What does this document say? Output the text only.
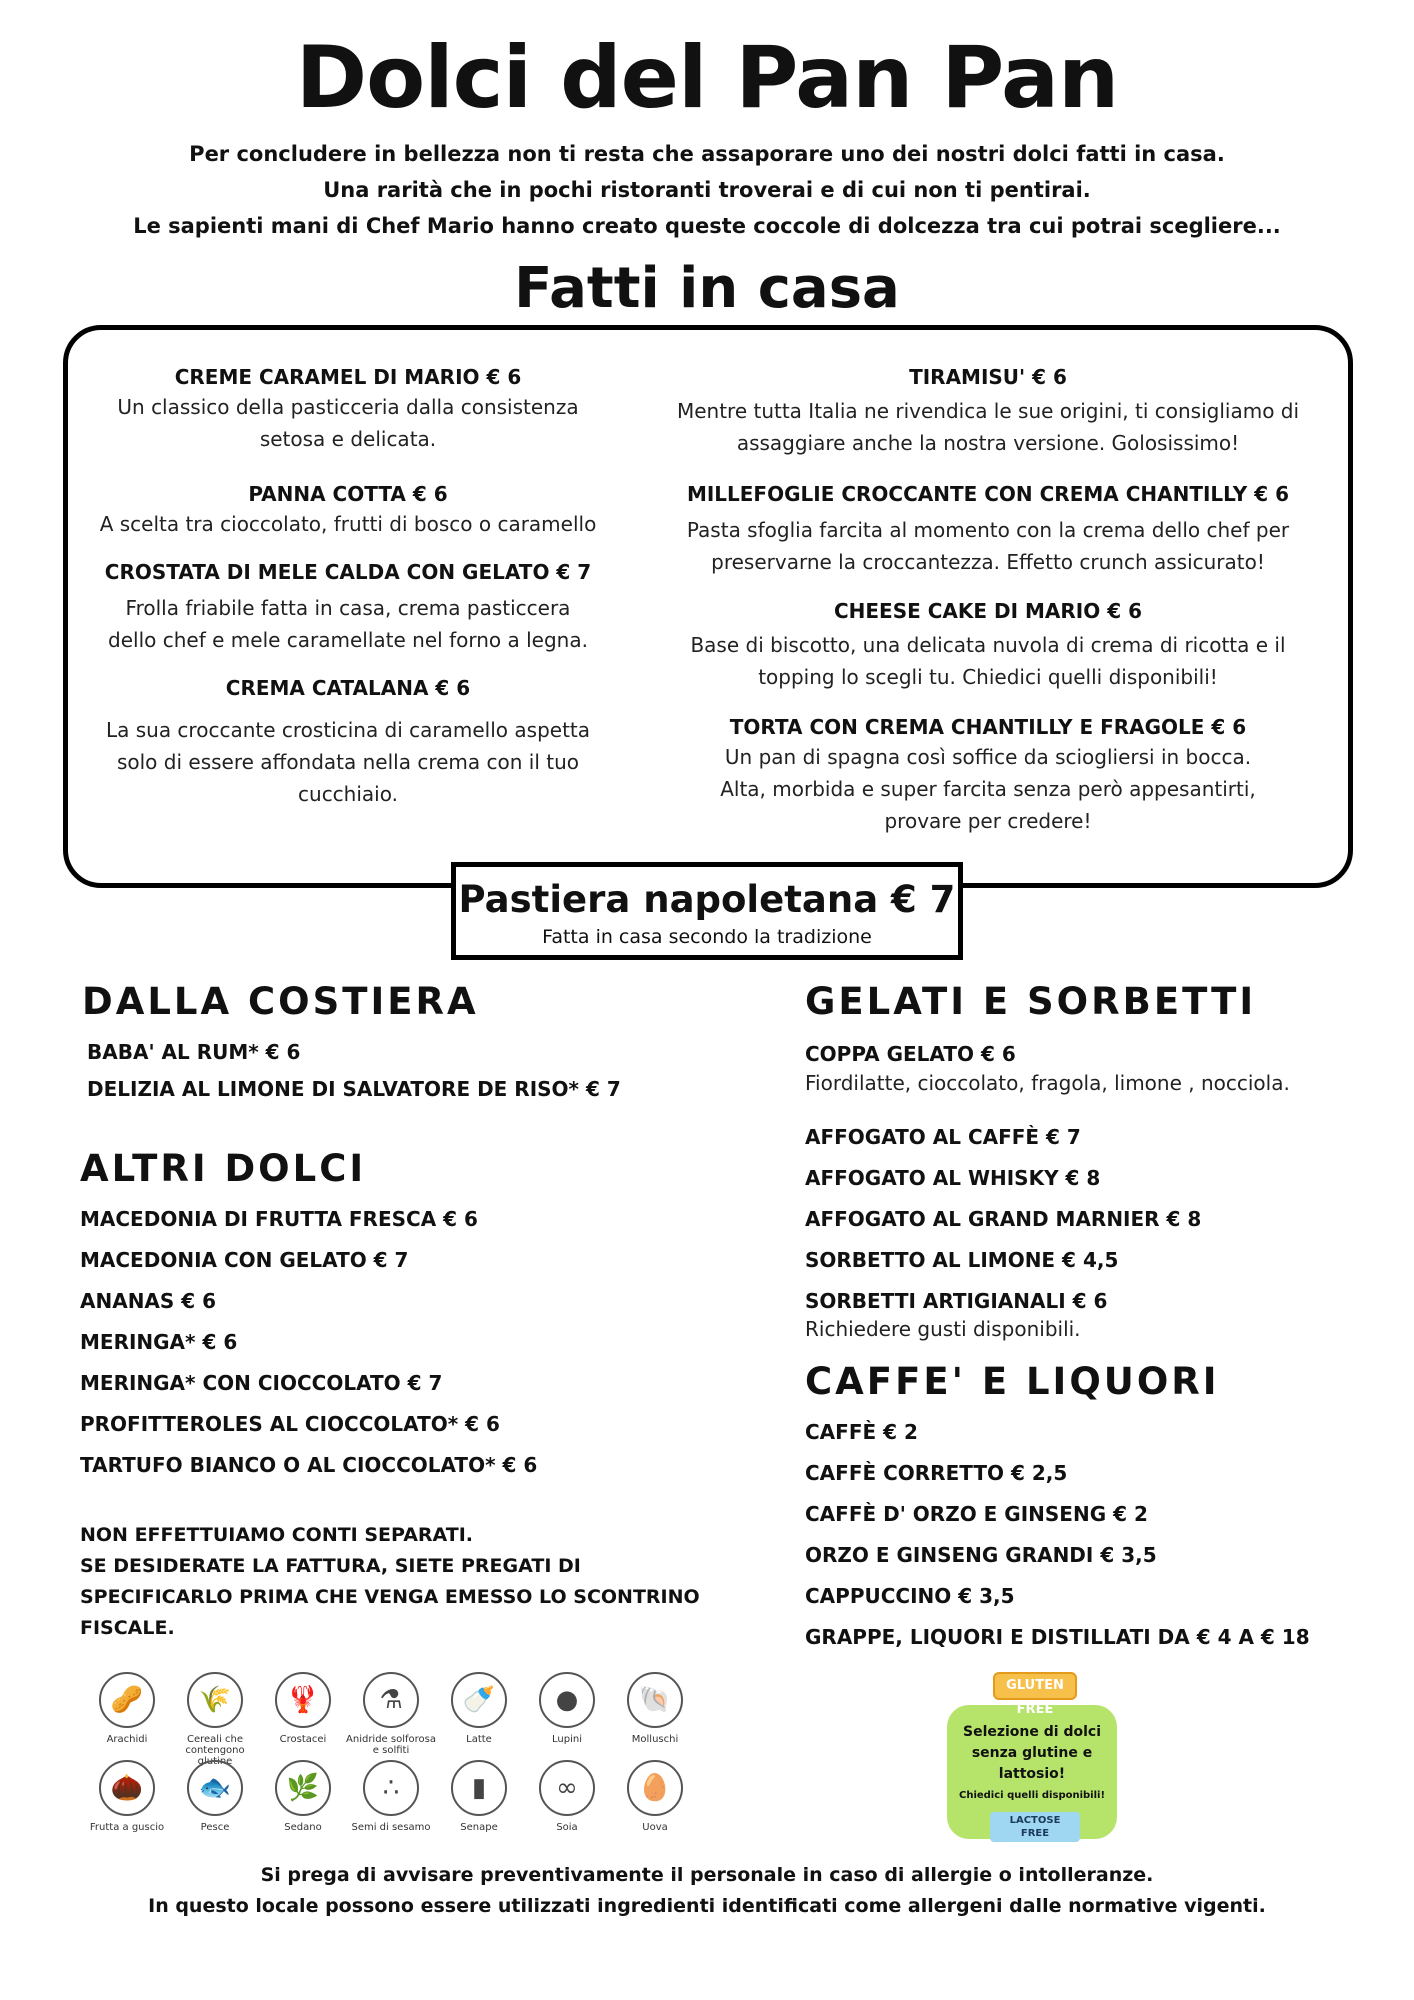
Dolci del Pan Pan
Per concludere in bellezza non ti resta che assaporare uno dei nostri dolci fatti in casa.
Una rarità che in pochi ristoranti troverai e di cui non ti pentirai.
Le sapienti mani di Chef Mario hanno creato queste coccole di dolcezza tra cui potrai scegliere...
Fatti in casa
CREME CARAMEL DI MARIO € 6
Un classico della pasticceria dalla consistenza
setosa e delicata.
PANNA COTTA € 6
A scelta tra cioccolato, frutti di bosco o caramello
CROSTATA DI MELE CALDA CON GELATO € 7
Frolla friabile fatta in casa, crema pasticcera
dello chef e mele caramellate nel forno a legna.
CREMA CATALANA € 6
La sua croccante crosticina di caramello aspetta
solo di essere affondata nella crema con il tuo
cucchiaio.
TIRAMISU' € 6
Mentre tutta Italia ne rivendica le sue origini, ti consigliamo di
assaggiare anche la nostra versione. Golosissimo!
MILLEFOGLIE CROCCANTE CON CREMA CHANTILLY € 6
Pasta sfoglia farcita al momento con la crema dello chef per
preservarne la croccantezza. Effetto crunch assicurato!
CHEESE CAKE DI MARIO € 6
Base di biscotto, una delicata nuvola di crema di ricotta e il
topping lo scegli tu. Chiedici quelli disponibili!
TORTA CON CREMA CHANTILLY E FRAGOLE € 6
Un pan di spagna così soffice da sciogliersi in bocca.
Alta, morbida e super farcita senza però appesantirti,
provare per credere!
Pastiera napoletana € 7
Fatta in casa secondo la tradizione
DALLA COSTIERA
BABA' AL RUM* € 6
DELIZIA AL LIMONE DI SALVATORE DE RISO* € 7
ALTRI DOLCI
MACEDONIA DI FRUTTA FRESCA € 6
MACEDONIA CON GELATO € 7
ANANAS € 6
MERINGA* € 6
MERINGA* CON CIOCCOLATO € 7
PROFITTEROLES AL CIOCCOLATO* € 6
TARTUFO BIANCO O AL CIOCCOLATO* € 6
NON EFFETTUIAMO CONTI SEPARATI.
SE DESIDERATE LA FATTURA, SIETE PREGATI DI
SPECIFICARLO PRIMA CHE VENGA EMESSO LO SCONTRINO
FISCALE.
GELATI E SORBETTI
COPPA GELATO € 6
Fiordilatte, cioccolato, fragola, limone , nocciola.
AFFOGATO AL CAFFÈ € 7
AFFOGATO AL WHISKY € 8
AFFOGATO AL GRAND MARNIER € 8
SORBETTO AL LIMONE € 4,5
SORBETTI ARTIGIANALI € 6
Richiedere gusti disponibili.
CAFFE' E LIQUORI
CAFFÈ € 2
CAFFÈ CORRETTO € 2,5
CAFFÈ D' ORZO E GINSENG € 2
ORZO E GINSENG GRANDI € 3,5
CAPPUCCINO € 3,5
GRAPPE, LIQUORI E DISTILLATI DA € 4 A € 18
🥜
Arachidi
🌾
Cereali che contengono glutine
🦞
Crostacei
⚗
Anidride solforosa e solfiti
🍼
Latte
●
Lupini
🐚
Molluschi
🌰
Frutta a guscio
🐟
Pesce
🌿
Sedano
∴
Semi di sesamo
▮
Senape
∞
Soia
🥚
Uova
GLUTEN FREE
Selezione di dolci
senza glutine e
lattosio!
Chiedici quelli disponibili!
LACTOSE
FREE
Si prega di avvisare preventivamente il personale in caso di allergie o intolleranze.
In questo locale possono essere utilizzati ingredienti identificati come allergeni dalle normative vigenti.
